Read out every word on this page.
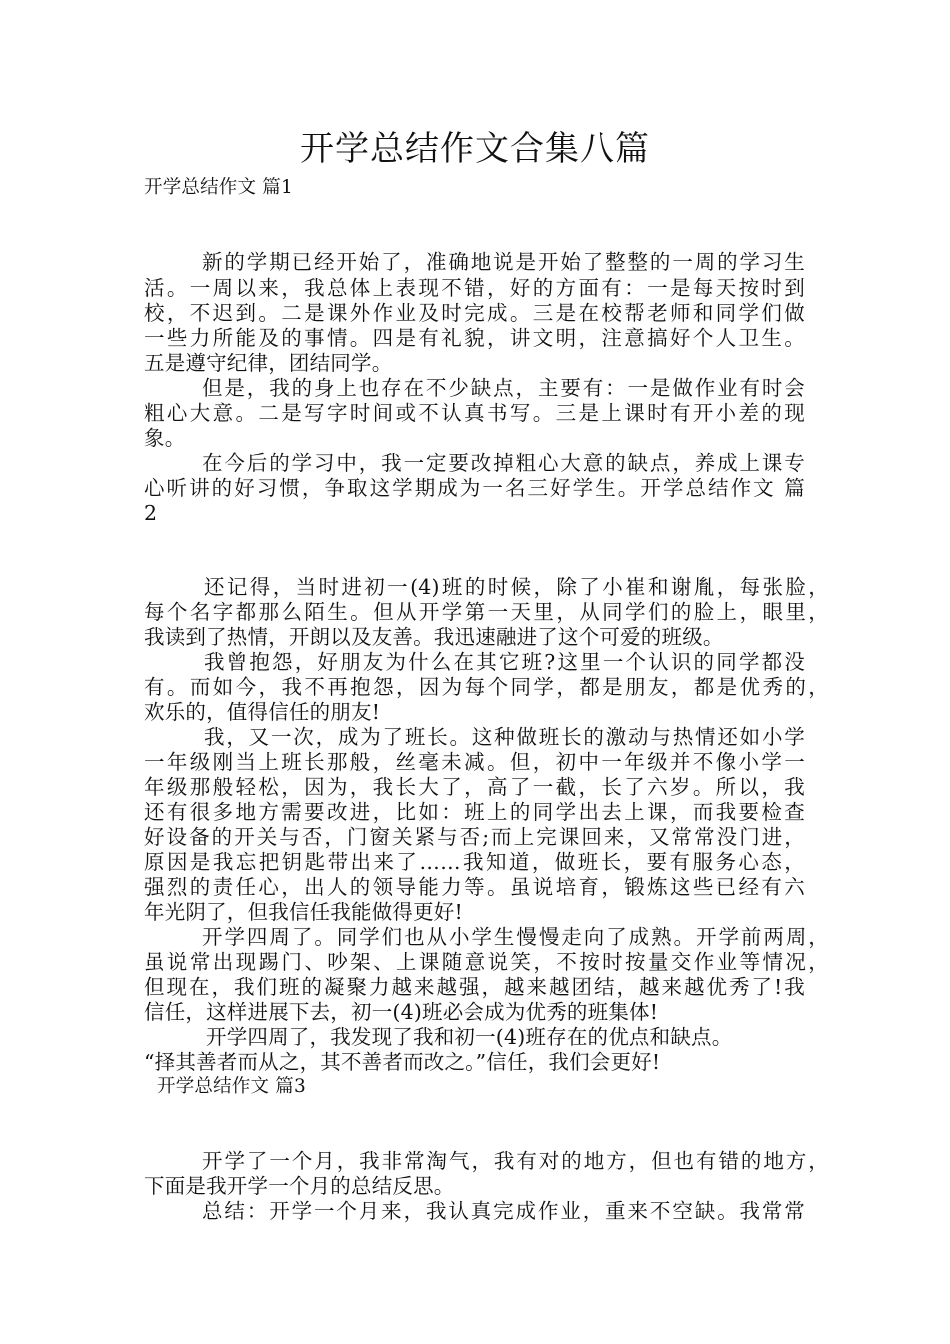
开学总结作文合集八篇
开学总结作文 篇1
新的学期已经开始了，准确地说是开始了整整的一周的学习生
活。一周以来，我总体上表现不错，好的方面有：一是每天按时到
校，不迟到。二是课外作业及时完成。三是在校帮老师和同学们做
一些力所能及的事情。四是有礼貌，讲文明，注意搞好个人卫生。
五是遵守纪律，团结同学。
但是，我的身上也存在不少缺点，主要有：一是做作业有时会
粗心大意。二是写字时间或不认真书写。三是上课时有开小差的现
象。
在今后的学习中，我一定要改掉粗心大意的缺点，养成上课专
心听讲的好习惯，争取这学期成为一名三好学生。开学总结作文 篇
2
还记得，当时进初一(4)班的时候，除了小崔和谢胤，每张脸，
每个名字都那么陌生。但从开学第一天里，从同学们的脸上，眼里，
我读到了热情，开朗以及友善。我迅速融进了这个可爱的班级。
我曾抱怨，好朋友为什么在其它班?这里一个认识的同学都没
有。而如今，我不再抱怨，因为每个同学，都是朋友，都是优秀的，
欢乐的，值得信任的朋友!
我，又一次，成为了班长。这种做班长的激动与热情还如小学
一年级刚当上班长那般，丝毫未减。但，初中一年级并不像小学一
年级那般轻松，因为，我长大了，高了一截，长了六岁。所以，我
还有很多地方需要改进，比如：班上的同学出去上课，而我要检查
好设备的开关与否，门窗关紧与否;而上完课回来，又常常没门进，
原因是我忘把钥匙带出来了……我知道，做班长，要有服务心态，
强烈的责任心，出人的领导能力等。虽说培育，锻炼这些已经有六
年光阴了，但我信任我能做得更好!
开学四周了。同学们也从小学生慢慢走向了成熟。开学前两周，
虽说常出现踢门、吵架、上课随意说笑，不按时按量交作业等情况，
但现在，我们班的凝聚力越来越强，越来越团结，越来越优秀了!我
信任，这样进展下去，初一(4)班必会成为优秀的班集体!
开学四周了，我发现了我和初一(4)班存在的优点和缺点。
“择其善者而从之，其不善者而改之。”信任，我们会更好!
开学总结作文 篇3
开学了一个月，我非常淘气，我有对的地方，但也有错的地方，
下面是我开学一个月的总结反思。
总结：开学一个月来，我认真完成作业，重来不空缺。我常常
